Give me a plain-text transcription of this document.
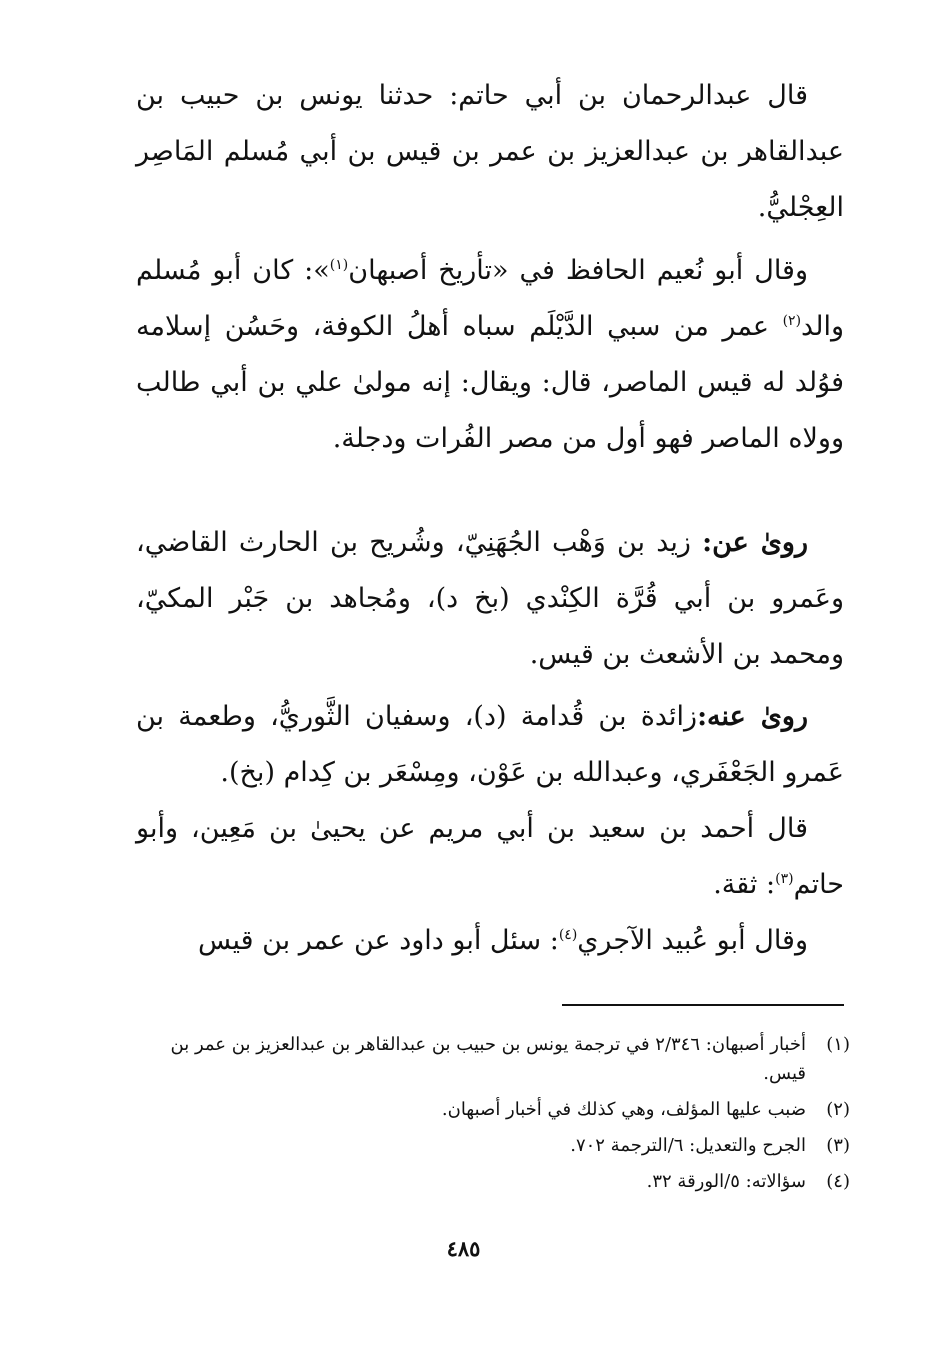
قال عبدالرحمان بن أبي حاتم: حدثنا يونس بن حبيب بن عبدالقاهر بن عبدالعزيز بن عمر بن قيس بن أبي مُسلم المَاصِر العِجْليُّ.

وقال أبو نُعيم الحافظ في «تأريخ أصبهان$^{(١)}$»: كان أبو مُسلم والد$^{(٢)}$ عمر من سبي الدَّيْلَم سباه أهلُ الكوفة، وحَسُن إسلامه فوُلد له قيس الماصر، قال: ويقال: إنه مولىٰ علي بن أبي طالب وولاه الماصر فهو أول من مصر الفُرات ودجلة.

روىٰ عن: زيد بن وَهْب الجُهَنِيّ، وشُريح بن الحارث القاضي، وعَمرو بن أبي قُرَّة الكِنْدي (بخ د)، ومُجاهد بن جَبْر المكيّ، ومحمد بن الأشعث بن قيس.

روىٰ عنه:زائدة بن قُدامة (د)، وسفيان الثَّوريُّ، وطعمة بن عَمرو الجَعْفَري، وعبدالله بن عَوْن، ومِسْعَر بن كِدام (بخ).

قال أحمد بن سعيد بن أبي مريم عن يحيىٰ بن مَعِين، وأبو حاتم$^{(٣)}$: ثقة.

وقال أبو عُبيد الآجري$^{(٤)}$: سئل أبو داود عن عمر بن قيس

(١)
أخبار أصبهان: ٢/٣٤٦ في ترجمة يونس بن حبيب بن عبدالقاهر بن عبدالعزيز بن عمر بن قيس.
(٢)
ضبب عليها المؤلف، وهي كذلك في أخبار أصبهان.
(٣)
الجرح والتعديل: ٦/الترجمة ٧٠٢.
(٤)
سؤالاته: ٥/الورقة ٣٢.
٤٨٥
